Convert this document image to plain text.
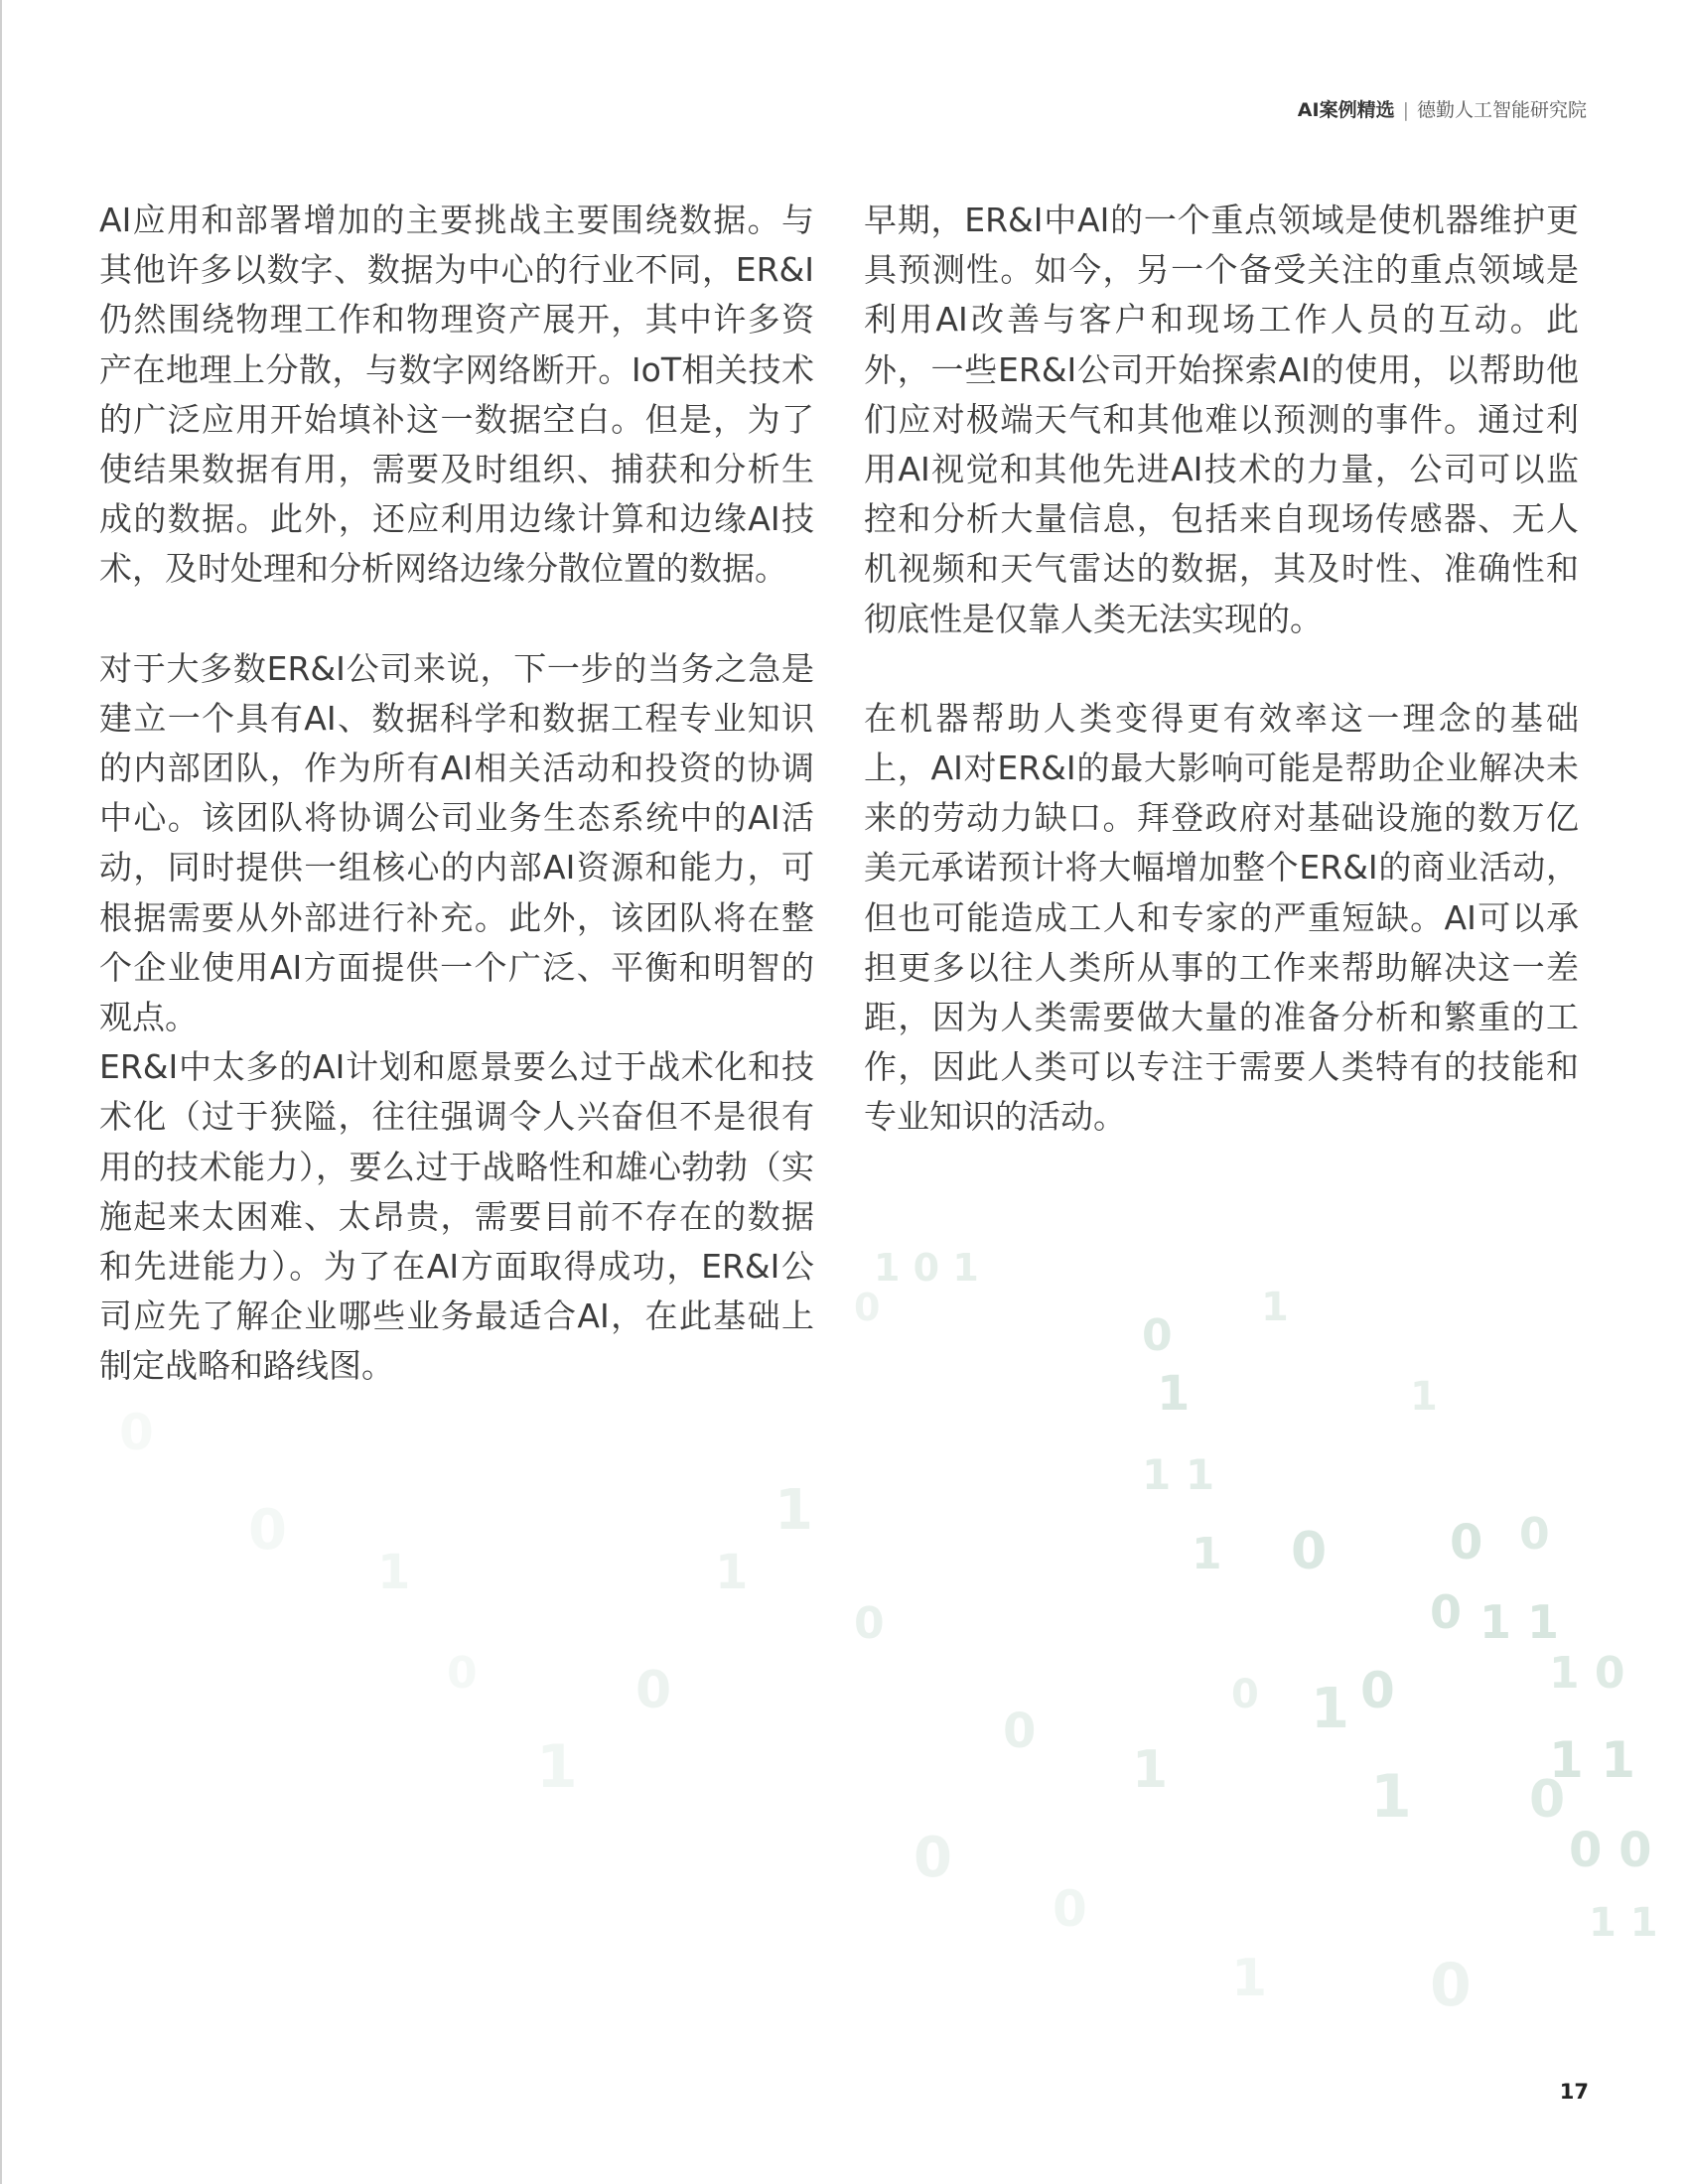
1 0 1
0
1
1
1
1 1
1 0	0 0
0 1 1
0
1
1 0
1 1
0
1
0 0
1 1
0
1
0
0
1
1
0
1
1
0
0
0
0
0
1	0
0
AI案例精选 | 德勤人工智能研究院

AI应用和部署增加的主要挑战主要围绕数据。与其他许多以数字、数据为中心的行业不同，ER&I仍然围绕物理工作和物理资产展开，其中许多资产在地理上分散，与数字网络断开。IoT相关技术的广泛应用开始填补这一数据空白。但是，为了使结果数据有用，需要及时组织、捕获和分析生成的数据。此外，还应利用边缘计算和边缘AI技术，及时处理和分析网络边缘分散位置的数据。

对于大多数ER&I公司来说，下一步的当务之急是建立一个具有AI、数据科学和数据工程专业知识的内部团队，作为所有AI相关活动和投资的协调中心。该团队将协调公司业务生态系统中的AI活动，同时提供一组核心的内部AI资源和能力，可根据需要从外部进行补充。此外，该团队将在整个企业使用AI方面提供一个广泛、平衡和明智的观点。

ER&I中太多的AI计划和愿景要么过于战术化和技术化（过于狭隘，往往强调令人兴奋但不是很有用的技术能力），要么过于战略性和雄心勃勃（实施起来太困难、太昂贵，需要目前不存在的数据和先进能力）。为了在AI方面取得成功，ER&I公司应先了解企业哪些业务最适合AI，在此基础上制定战略和路线图。

早期，ER&I中AI的一个重点领域是使机器维护更具预测性。如今，另一个备受关注的重点领域是利用AI改善与客户和现场工作人员的互动。此外，一些ER&I公司开始探索AI的使用，以帮助他们应对极端天气和其他难以预测的事件。通过利用AI视觉和其他先进AI技术的力量，公司可以监控和分析大量信息，包括来自现场传感器、无人机视频和天气雷达的数据，其及时性、准确性和彻底性是仅靠人类无法实现的。

在机器帮助人类变得更有效率这一理念的基础上，AI对ER&I的最大影响可能是帮助企业解决未来的劳动力缺口。拜登政府对基础设施的数万亿美元承诺预计将大幅增加整个ER&I的商业活动，但也可能造成工人和专家的严重短缺。AI可以承担更多以往人类所从事的工作来帮助解决这一差距，因为人类需要做大量的准备分析和繁重的工作，因此人类可以专注于需要人类特有的技能和专业知识的活动。

17
